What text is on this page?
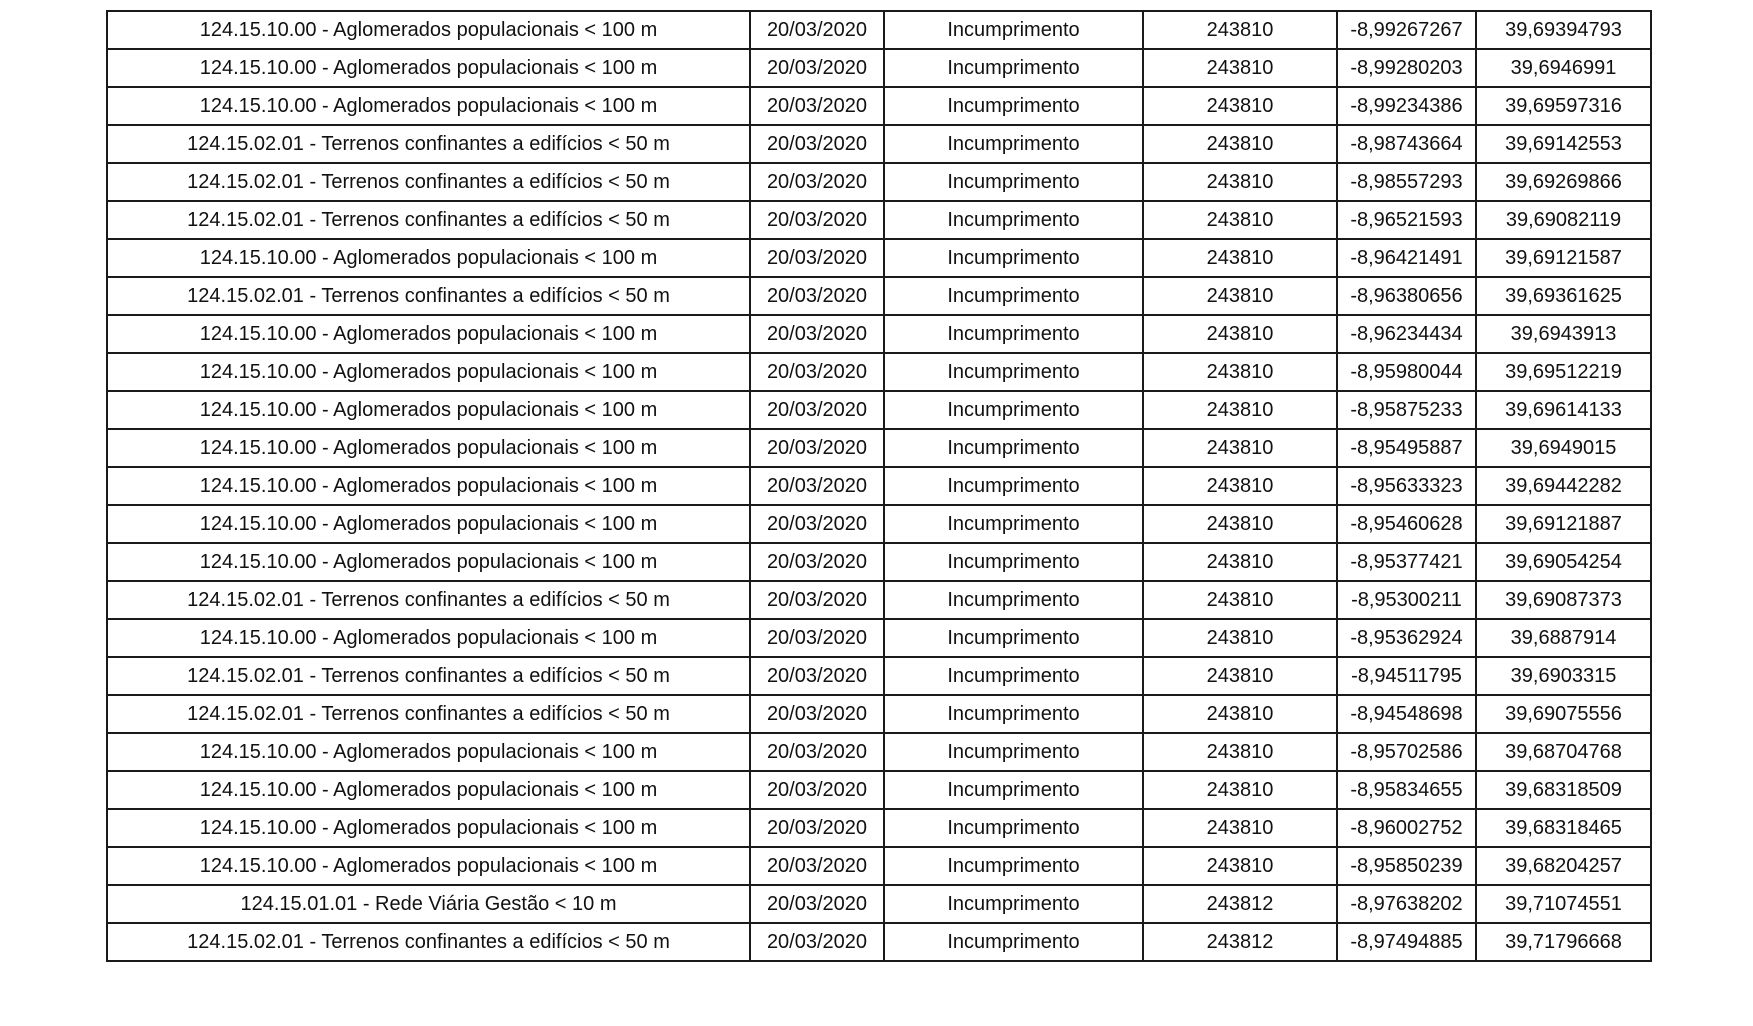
124.15.10.00 - Aglomerados populacionais < 100 m	20/03/2020	Incumprimento	243810	-8,99267267	39,69394793
124.15.10.00 - Aglomerados populacionais < 100 m	20/03/2020	Incumprimento	243810	-8,99280203	39,6946991
124.15.10.00 - Aglomerados populacionais < 100 m	20/03/2020	Incumprimento	243810	-8,99234386	39,69597316
124.15.02.01 - Terrenos confinantes a edifícios < 50 m	20/03/2020	Incumprimento	243810	-8,98743664	39,69142553
124.15.02.01 - Terrenos confinantes a edifícios < 50 m	20/03/2020	Incumprimento	243810	-8,98557293	39,69269866
124.15.02.01 - Terrenos confinantes a edifícios < 50 m	20/03/2020	Incumprimento	243810	-8,96521593	39,69082119
124.15.10.00 - Aglomerados populacionais < 100 m	20/03/2020	Incumprimento	243810	-8,96421491	39,69121587
124.15.02.01 - Terrenos confinantes a edifícios < 50 m	20/03/2020	Incumprimento	243810	-8,96380656	39,69361625
124.15.10.00 - Aglomerados populacionais < 100 m	20/03/2020	Incumprimento	243810	-8,96234434	39,6943913
124.15.10.00 - Aglomerados populacionais < 100 m	20/03/2020	Incumprimento	243810	-8,95980044	39,69512219
124.15.10.00 - Aglomerados populacionais < 100 m	20/03/2020	Incumprimento	243810	-8,95875233	39,69614133
124.15.10.00 - Aglomerados populacionais < 100 m	20/03/2020	Incumprimento	243810	-8,95495887	39,6949015
124.15.10.00 - Aglomerados populacionais < 100 m	20/03/2020	Incumprimento	243810	-8,95633323	39,69442282
124.15.10.00 - Aglomerados populacionais < 100 m	20/03/2020	Incumprimento	243810	-8,95460628	39,69121887
124.15.10.00 - Aglomerados populacionais < 100 m	20/03/2020	Incumprimento	243810	-8,95377421	39,69054254
124.15.02.01 - Terrenos confinantes a edifícios < 50 m	20/03/2020	Incumprimento	243810	-8,95300211	39,69087373
124.15.10.00 - Aglomerados populacionais < 100 m	20/03/2020	Incumprimento	243810	-8,95362924	39,6887914
124.15.02.01 - Terrenos confinantes a edifícios < 50 m	20/03/2020	Incumprimento	243810	-8,94511795	39,6903315
124.15.02.01 - Terrenos confinantes a edifícios < 50 m	20/03/2020	Incumprimento	243810	-8,94548698	39,69075556
124.15.10.00 - Aglomerados populacionais < 100 m	20/03/2020	Incumprimento	243810	-8,95702586	39,68704768
124.15.10.00 - Aglomerados populacionais < 100 m	20/03/2020	Incumprimento	243810	-8,95834655	39,68318509
124.15.10.00 - Aglomerados populacionais < 100 m	20/03/2020	Incumprimento	243810	-8,96002752	39,68318465
124.15.10.00 - Aglomerados populacionais < 100 m	20/03/2020	Incumprimento	243810	-8,95850239	39,68204257
124.15.01.01 - Rede Viária Gestão < 10 m	20/03/2020	Incumprimento	243812	-8,97638202	39,71074551
124.15.02.01 - Terrenos confinantes a edifícios < 50 m	20/03/2020	Incumprimento	243812	-8,97494885	39,71796668
